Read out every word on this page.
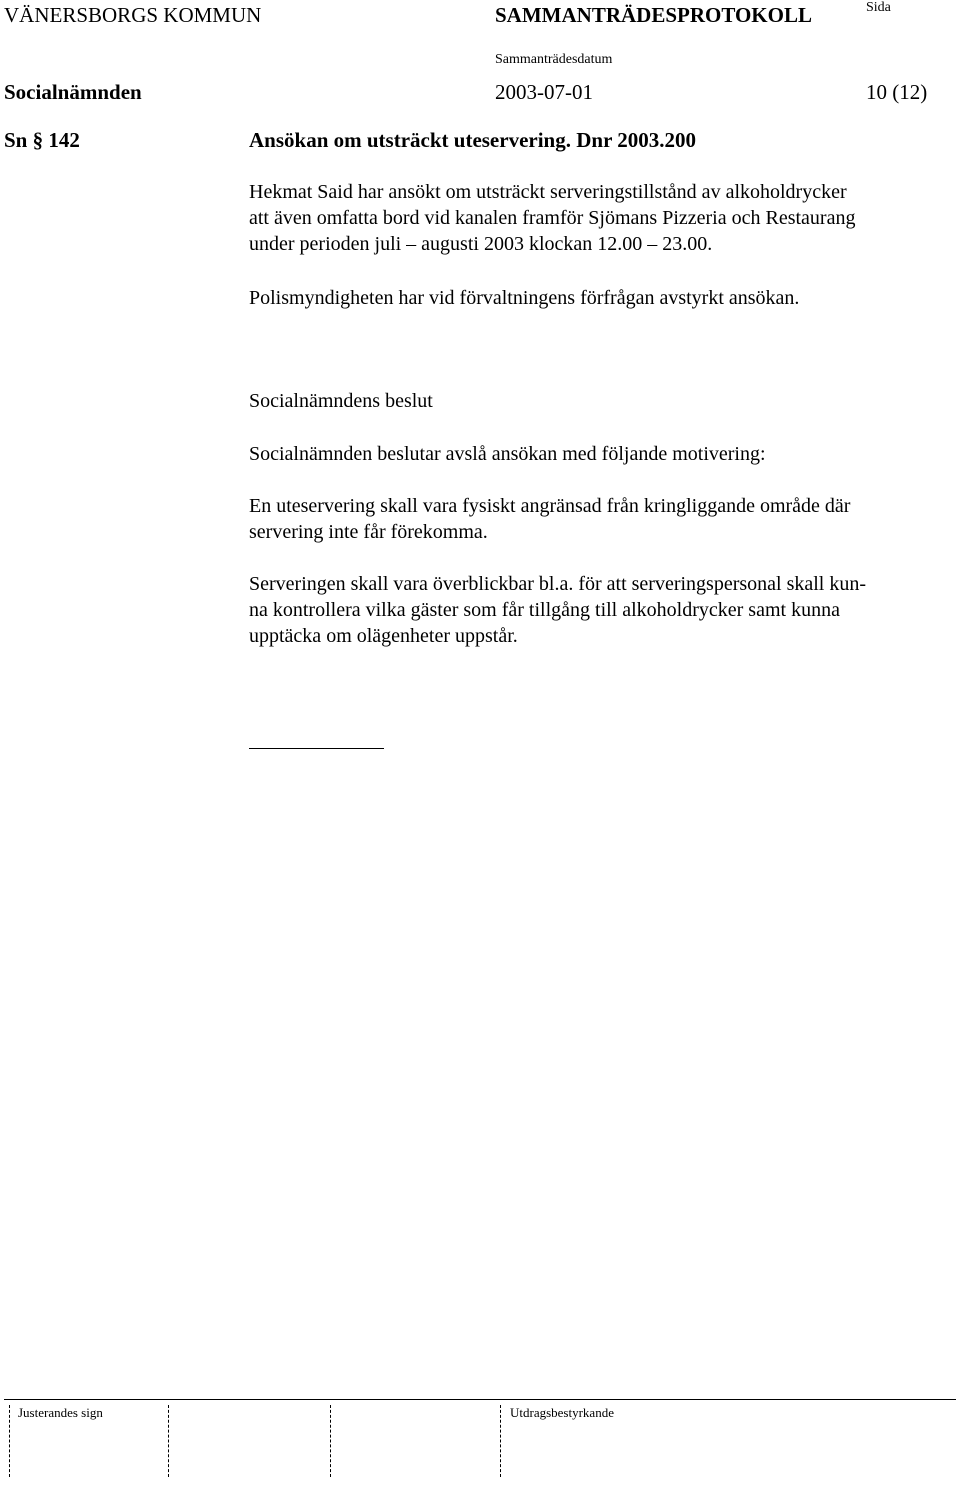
VÄNERSBORGS KOMMUN	SAMMANTRÄDESPROTOKOLL	Sida
Sammanträdesdatum
Socialnämnden	2003-07-01	10 (12)
Sn § 142	Ansökan om utsträckt uteservering. Dnr 2003.200

Hekmat Said har ansökt om utsträckt serveringstillstånd av alkoholdrycker
att även omfatta bord vid kanalen framför Sjömans Pizzeria och Restaurang
under perioden juli – augusti 2003 klockan 12.00 – 23.00.

Polismyndigheten har vid förvaltningens förfrågan avstyrkt ansökan.

Socialnämndens beslut

Socialnämnden beslutar avslå ansökan med följande motivering:

En uteservering skall vara fysiskt angränsad från kringliggande område där
servering inte får förekomma.

Serveringen skall vara överblickbar bl.a. för att serveringspersonal skall kun-
na kontrollera vilka gäster som får tillgång till alkoholdrycker samt kunna
upptäcka om olägenheter uppstår.

Justerandes sign	Utdragsbestyrkande
